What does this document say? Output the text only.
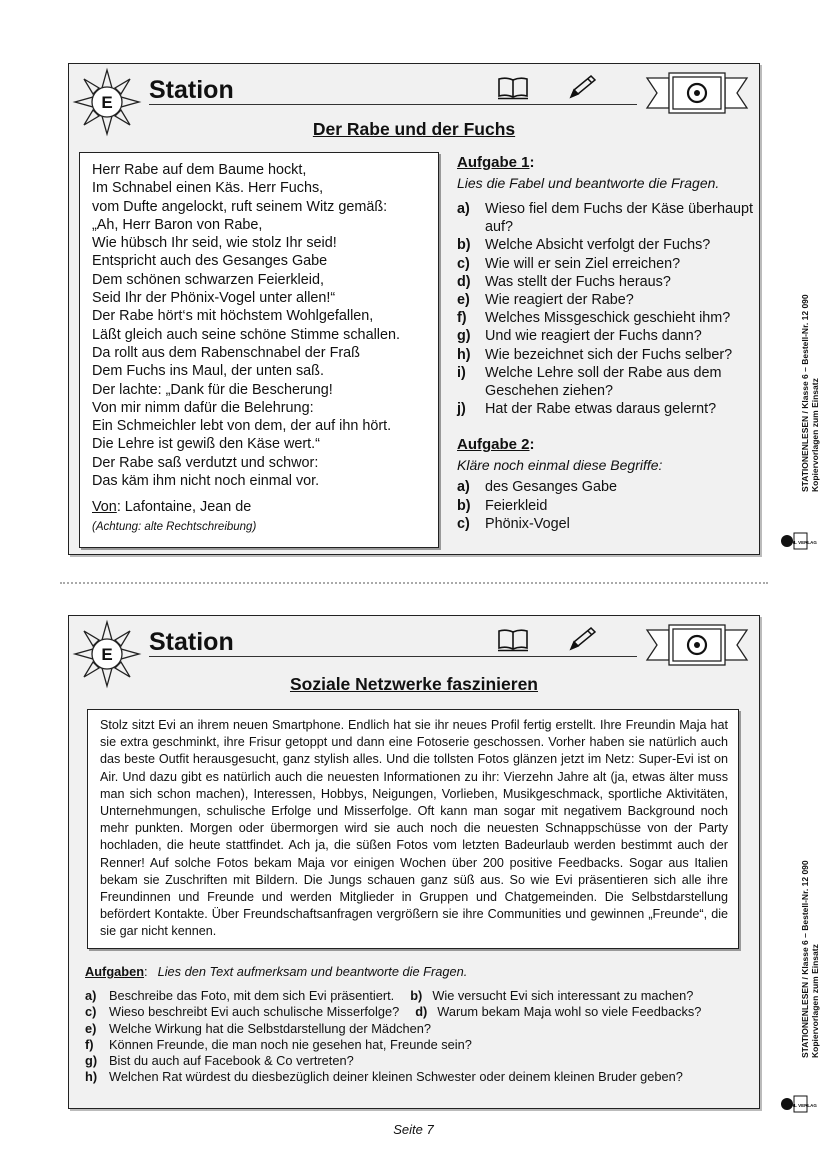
E Station
Der Rabe und der Fuchs
Herr Rabe auf dem Baume hockt,
Im Schnabel einen Käs. Herr Fuchs,
vom Dufte angelockt, ruft seinem Witz gemäß:
„Ah, Herr Baron von Rabe,
Wie hübsch Ihr seid, wie stolz Ihr seid!
Entspricht auch des Gesanges Gabe
Dem schönen schwarzen Feierkleid,
Seid Ihr der Phönix-Vogel unter allen!“
Der Rabe hört‘s mit höchstem Wohlgefallen,
Läßt gleich auch seine schöne Stimme schallen.
Da rollt aus dem Rabenschnabel der Fraß
Dem Fuchs ins Maul, der unten saß.
Der lachte: „Dank für die Bescherung!
Von mir nimm dafür die Belehrung:
Ein Schmeichler lebt von dem, der auf ihn hört.
Die Lehre ist gewiß den Käse wert.“
Der Rabe saß verdutzt und schwor:
Das käm ihm nicht noch einmal vor.
Von: Lafontaine, Jean de
(Achtung: alte Rechtschreibung)
Aufgabe 1:
Lies die Fabel und beantworte die Fragen.
a)	Wieso fiel dem Fuchs der Käse überhaupt auf?
b)	Welche Absicht verfolgt der Fuchs?
c)	Wie will er sein Ziel erreichen?
d)	Was stellt der Fuchs heraus?
e)	Wie reagiert der Rabe?
f)	Welches Missgeschick geschieht ihm?
g)	Und wie reagiert der Fuchs dann?
h)	Wie bezeichnet sich der Fuchs selber?
i)	Welche Lehre soll der Rabe aus dem Geschehen ziehen?
j)	Hat der Rabe etwas daraus gelernt?
Aufgabe 2:
Kläre noch einmal diese Begriffe:
a)	des Gesanges Gabe
b)	Feierkleid
c)	Phönix-Vogel
STATIONENLESEN / Klasse 6 – Bestell-Nr. 12 090 Kopiervorlagen zum Einsatz
KOHL VERLAG
E Station
Soziale Netzwerke faszinieren
Stolz sitzt Evi an ihrem neuen Smartphone. Endlich hat sie ihr neues Profil fertig erstellt. Ihre Freundin Maja hat sie extra geschminkt, ihre Frisur getoppt und dann eine Fotoserie geschossen. Vorher haben sie natürlich auch das beste Outfit herausgesucht, ganz stylish alles. Und die tollsten Fotos glänzen jetzt im Netz: Super-Evi ist on Air. Und dazu gibt es natürlich auch die neuesten Informationen zu ihr: Vierzehn Jahre alt (ja, etwas älter muss man sich schon machen), Interessen, Hobbys, Neigungen, Vorlieben, Musikgeschmack, sportliche Aktivitäten, Unternehmungen, schulische Erfolge und Misserfolge. Oft kann man sogar mit negativem Background noch mehr punkten. Morgen oder übermorgen wird sie auch noch die neuesten Schnappschüsse von der Party hochladen, die heute stattfindet. Ach ja, die süßen Fotos vom letzten Badeurlaub werden bestimmt auch der Renner! Auf solche Fotos bekam Maja vor einigen Wochen über 200 positive Feedbacks. Sogar aus Italien bekam sie Zuschriften mit Bildern. Die Jungs schauen ganz süß aus. So wie Evi präsentieren sich alle ihre Freundinnen und Freunde und werden Mitglieder in Gruppen und Chatgemeinden. Die Selbstdarstellung befördert Kontakte. Über Freundschaftsanfragen vergrößern sie ihre Communities und gewinnen „Freunde“, die sie gar nicht kennen.
Aufgaben: Lies den Text aufmerksam und beantworte die Fragen.
a) Beschreibe das Foto, mit dem sich Evi präsentiert. b) Wie versucht Evi sich interessant zu machen?
c) Wieso beschreibt Evi auch schulische Misserfolge? d) Warum bekam Maja wohl so viele Feedbacks?
e) Welche Wirkung hat die Selbstdarstellung der Mädchen?
f)	Können Freunde, die man noch nie gesehen hat, Freunde sein?
g) Bist du auch auf Facebook & Co vertreten?
h) Welchen Rat würdest du diesbezüglich deiner kleinen Schwester oder deinem kleinen Bruder geben?
STATIONENLESEN / Klasse 6 – Bestell-Nr. 12 090 Kopiervorlagen zum Einsatz
KOHL VERLAG
Seite 7
